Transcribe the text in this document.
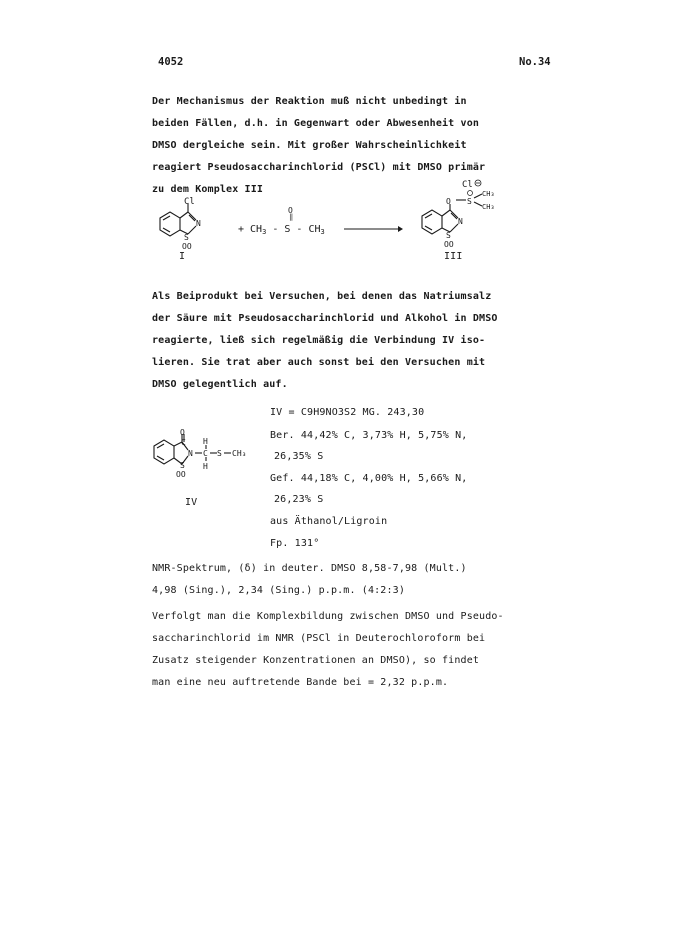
4052	No.34
Der Mechanismus der Reaktion muß nicht unbedingt in
beiden Fällen, d.h. in Gegenwart oder Abwesenheit von
DMSO dergleiche sein. Mit großer Wahrscheinlichkeit
reagiert Pseudosaccharinchlorid (PSCl) mit DMSO primär
zu dem Komplex III
Cl
N
S
OO
I
O
‖
+ $CH_3$ - S - $CH_3$ →
Cl
O S
CH₃
CH₃
N
S
OO
III
Als Beiprodukt bei Versuchen, bei denen das Natriumsalz
der Säure mit Pseudosaccharinchlorid und Alkohol in DMSO
reagierte, ließ sich regelmäßig die Verbindung IV iso-
lieren. Sie trat aber auch sonst bei den Versuchen mit
DMSO gelegentlich auf.
O
C
N C
H
H
S CH₃
S
OO
IV
IV = C9H9NO3S2 MG. 243,30
Ber. 44,42% C, 3,73% H, 5,75% N,
26,35% S
Gef. 44,18% C, 4,00% H, 5,66% N,
26,23% S
aus Äthanol/Ligroin
Fp. 131°
NMR-Spektrum, (δ) in deuter. DMSO 8,58-7,98 (Mult.)
4,98 (Sing.), 2,34 (Sing.) p.p.m. (4:2:3)
Verfolgt man die Komplexbildung zwischen DMSO und Pseudo-
saccharinchlorid im NMR (PSCl in Deuterochloroform bei
Zusatz steigender Konzentrationen an DMSO), so findet
man eine neu auftretende Bande bei = 2,32 p.p.m.
